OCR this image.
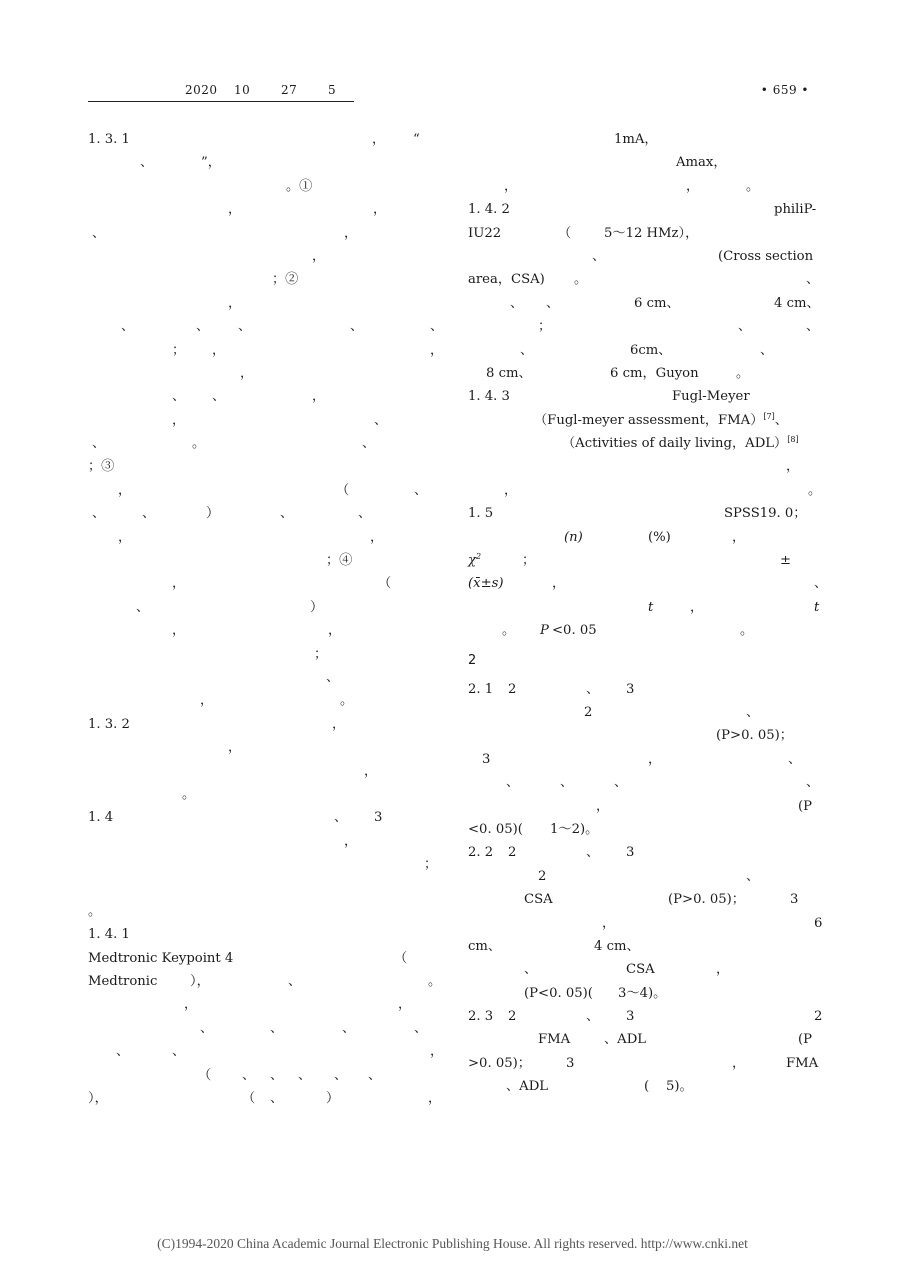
2020 10	27	5	• 659 •
1. 3. 1	， “
、	”，
。①
，	，
、	，
，
；②
，
、	、 、	、	、
； ，	，
，
、 、	，
，	、
、	。	、
；③
，	（	、
、	、	）	、	、
，	，
；④
，	（
、	）
，	，
；
、
，	。
1. 3. 2	，
，
，
。
1. 4	、 3
，
；
。
1. 4. 1
Medtronic Keypoint 4	（
Medtronic ），	、	。
，	，
、	、	、	、
、	、	，
（ 、 、 、 、 、
），	（ 、	）	，
1mA，
Amax，
，	，	。
1. 4. 2	philiP-
IU22	（ 5～12 HMz），
、	(Cross section
area，CSA) 。	、
、 、	6 cm、	4 cm、
；	、	、
、	6cm、	、
8 cm、	6 cm，Guyon	。
1. 4. 3	Fugl-Meyer
（Fugl-meyer assessment，FMA）[7]、
（Activities of daily living，ADL）[8]
，
，	。
1. 5	SPSS19. 0；
(n)	(%)	，
$\chi^2$	；	±
(x̄±s)	，	、
t	，	t
。 P <0. 05	。
2
2. 1 2	、 3
2	、
(P>0. 05)；
3	，	、
、	、	、	、
，	(P
<0. 05)( 1～2)。
2. 2 2	、 3
2	、
CSA	(P>0. 05)；	3
，	6
cm、	4 cm、
、	CSA	，
(P<0. 05)( 3～4)。
2. 3 2	、 3	2
FMA	、ADL	(P
>0. 05)；	3	，	FMA
、ADL	( 5)。
(C)1994-2020 China Academic Journal Electronic Publishing House. All rights reserved. http://www.cnki.net
